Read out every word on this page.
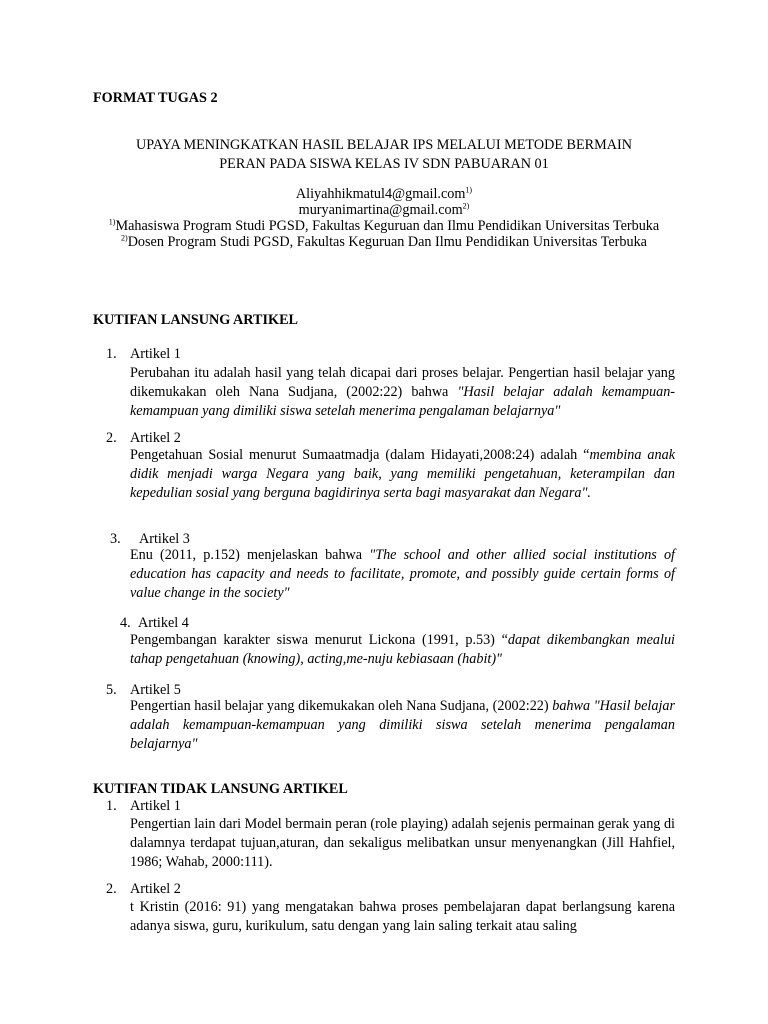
FORMAT TUGAS 2
UPAYA MENINGKATKAN HASIL BELAJAR IPS MELALUI METODE BERMAIN
PERAN PADA SISWA KELAS IV SDN PABUARAN 01
Aliyahhikmatul4@gmail.com$^{1)}$
muryanimartina@gmail.com$^{2)}$
$^{1)}$Mahasiswa Program Studi PGSD, Fakultas Keguruan dan Ilmu Pendidikan Universitas Terbuka
$^{2)}$Dosen Program Studi PGSD, Fakultas Keguruan Dan Ilmu Pendidikan Universitas Terbuka
KUTIFAN LANSUNG ARTIKEL
1. Artikel 1

Perubahan itu adalah hasil yang telah dicapai dari proses belajar. Pengertian hasil belajar yang dikemukakan oleh Nana Sudjana, (2002:22) bahwa "Hasil belajar adalah kemampuan-kemampuan yang dimiliki siswa setelah menerima pengalaman belajarnya"

2. Artikel 2

Pengetahuan Sosial menurut Sumaatmadja (dalam Hidayati,2008:24) adalah “membina anak didik menjadi warga Negara yang baik, yang memiliki pengetahuan, keterampilan dan kepedulian sosial yang berguna bagidirinya serta bagi masyarakat dan Negara".

3. Artikel 3

Enu (2011, p.152) menjelaskan bahwa "The school and other allied social institutions of education has capacity and needs to facilitate, promote, and possibly guide certain forms of value change in the society"

4. Artikel 4

Pengembangan karakter siswa menurut Lickona (1991, p.53) “dapat dikembangkan mealui tahap pengetahuan (knowing), acting,me-nuju kebiasaan (habit)"

5. Artikel 5

Pengertian hasil belajar yang dikemukakan oleh Nana Sudjana, (2002:22) bahwa "Hasil belajar adalah kemampuan-kemampuan yang dimiliki siswa setelah menerima pengalaman belajarnya"

KUTIFAN TIDAK LANSUNG ARTIKEL
1. Artikel 1

Pengertian lain dari Model bermain peran (role playing) adalah sejenis permainan gerak yang di dalamnya terdapat tujuan,aturan, dan sekaligus melibatkan unsur menyenangkan (Jill Hahfiel, 1986; Wahab, 2000:111).

2. Artikel 2

t Kristin (2016: 91) yang mengatakan bahwa proses pembelajaran dapat berlangsung karena adanya siswa, guru, kurikulum, satu dengan yang lain saling terkait atau saling
